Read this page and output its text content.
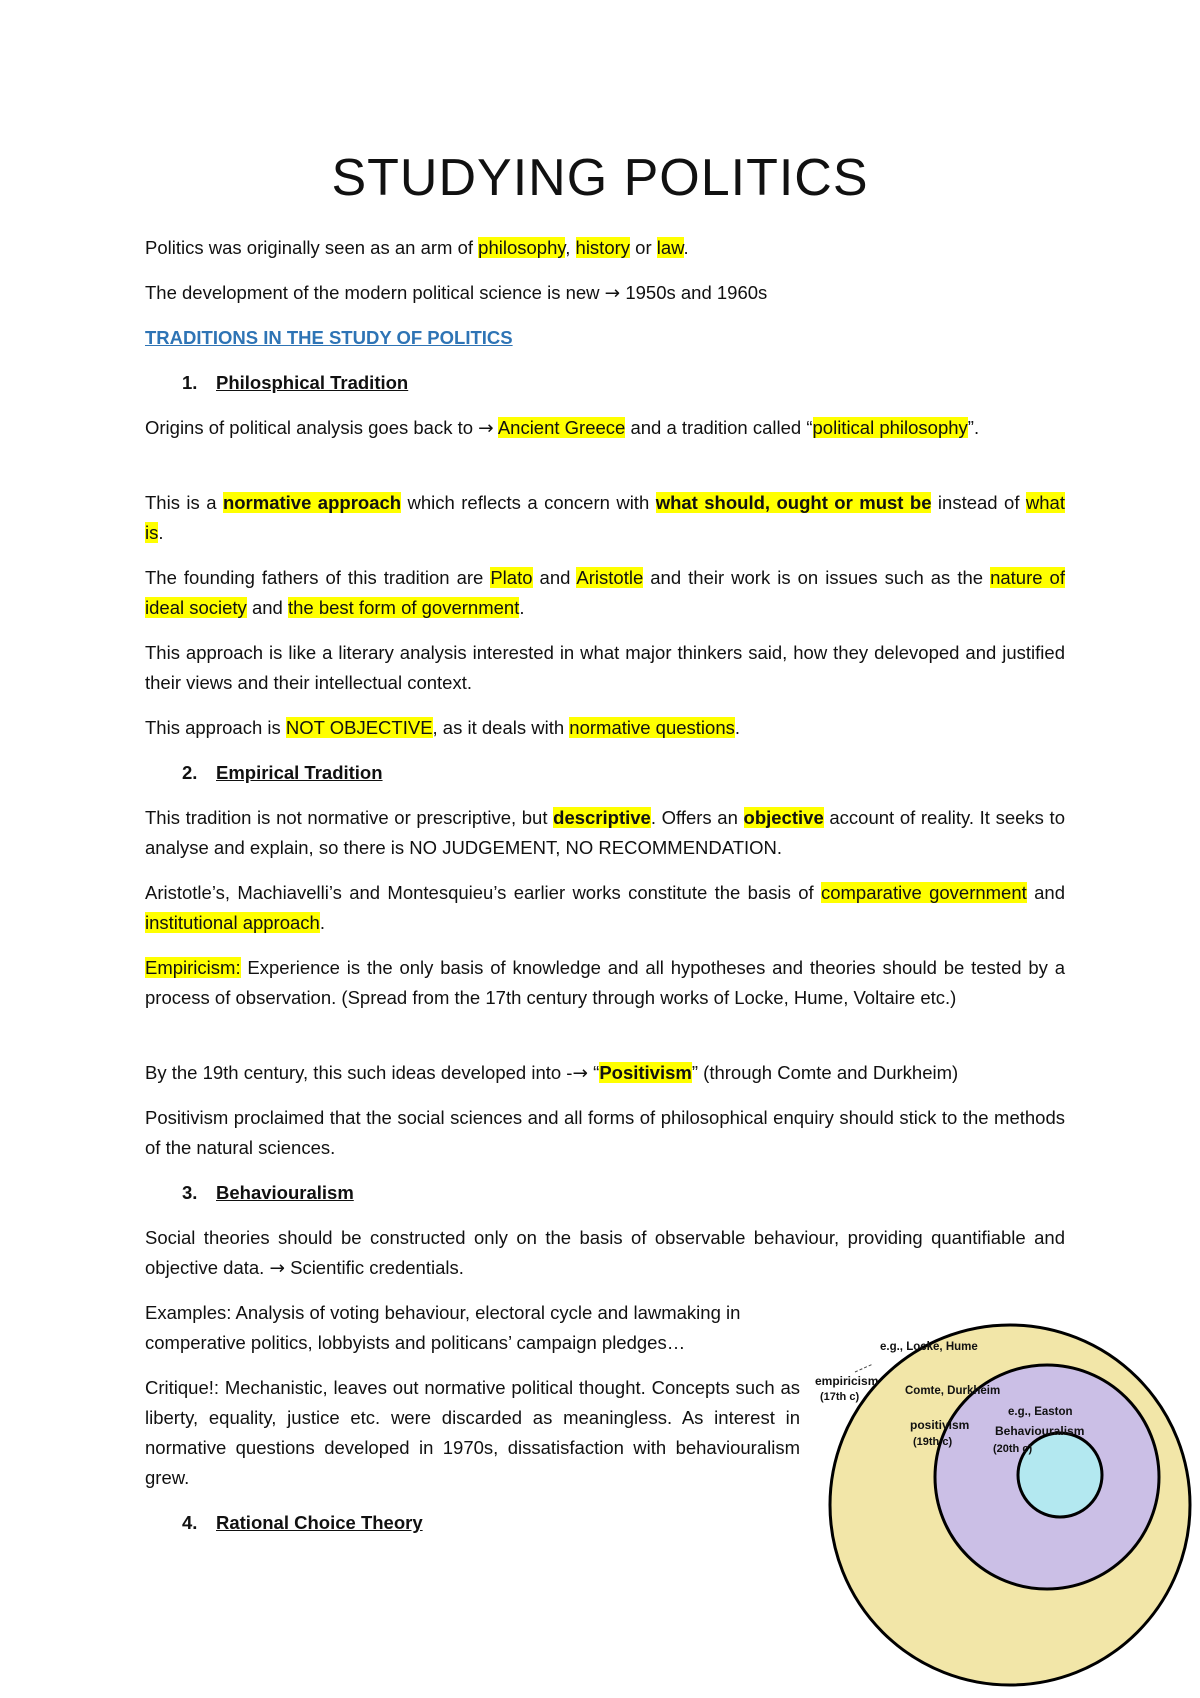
STUDYING POLITICS
Politics was originally seen as an arm of philosophy, history or law.
The development of the modern political science is new → 1950s and 1960s
TRADITIONS IN THE STUDY OF POLITICS
1. Philosphical Tradition
Origins of political analysis goes back to → Ancient Greece and a tradition called “political philosophy”.
This is a normative approach which reflects a concern with what should, ought or must be instead of what is.
The founding fathers of this tradition are Plato and Aristotle and their work is on issues such as the nature of ideal society and the best form of government.
This approach is like a literary analysis interested in what major thinkers said, how they delevoped and justified their views and their intellectual context.
This approach is NOT OBJECTIVE, as it deals with normative questions.
2. Empirical Tradition
This tradition is not normative or prescriptive, but descriptive. Offers an objective account of reality. It seeks to analyse and explain, so there is NO JUDGEMENT, NO RECOMMENDATION.
Aristotle’s, Machiavelli’s and Montesquieu’s earlier works constitute the basis of comparative government and institutional approach.
Empiricism: Experience is the only basis of knowledge and all hypotheses and theories should be tested by a process of observation. (Spread from the 17th century through works of Locke, Hume, Voltaire etc.)
By the 19th century, this such ideas developed into -→ “Positivism” (through Comte and Durkheim)
Positivism proclaimed that the social sciences and all forms of philosophical enquiry should stick to the methods of the natural sciences.
3. Behaviouralism
Social theories should be constructed only on the basis of observable behaviour, providing quantifiable and objective data. → Scientific credentials.
Examples: Analysis of voting behaviour, electoral cycle and lawmaking in comperative politics, lobbyists and politicans’ campaign pledges…
Critique!: Mechanistic, leaves out normative political thought. Concepts such as liberty, equality, justice etc. were discarded as meaningless. As interest in normative questions developed in 1970s, dissatisfaction with behaviouralism grew.
4. Rational Choice Theory
e.g., Locke, Hume
empiricism
(17th c)	Comte, Durkheim
positivism
(19th c)
e.g., Easton
Behaviouralism
(20th c)
